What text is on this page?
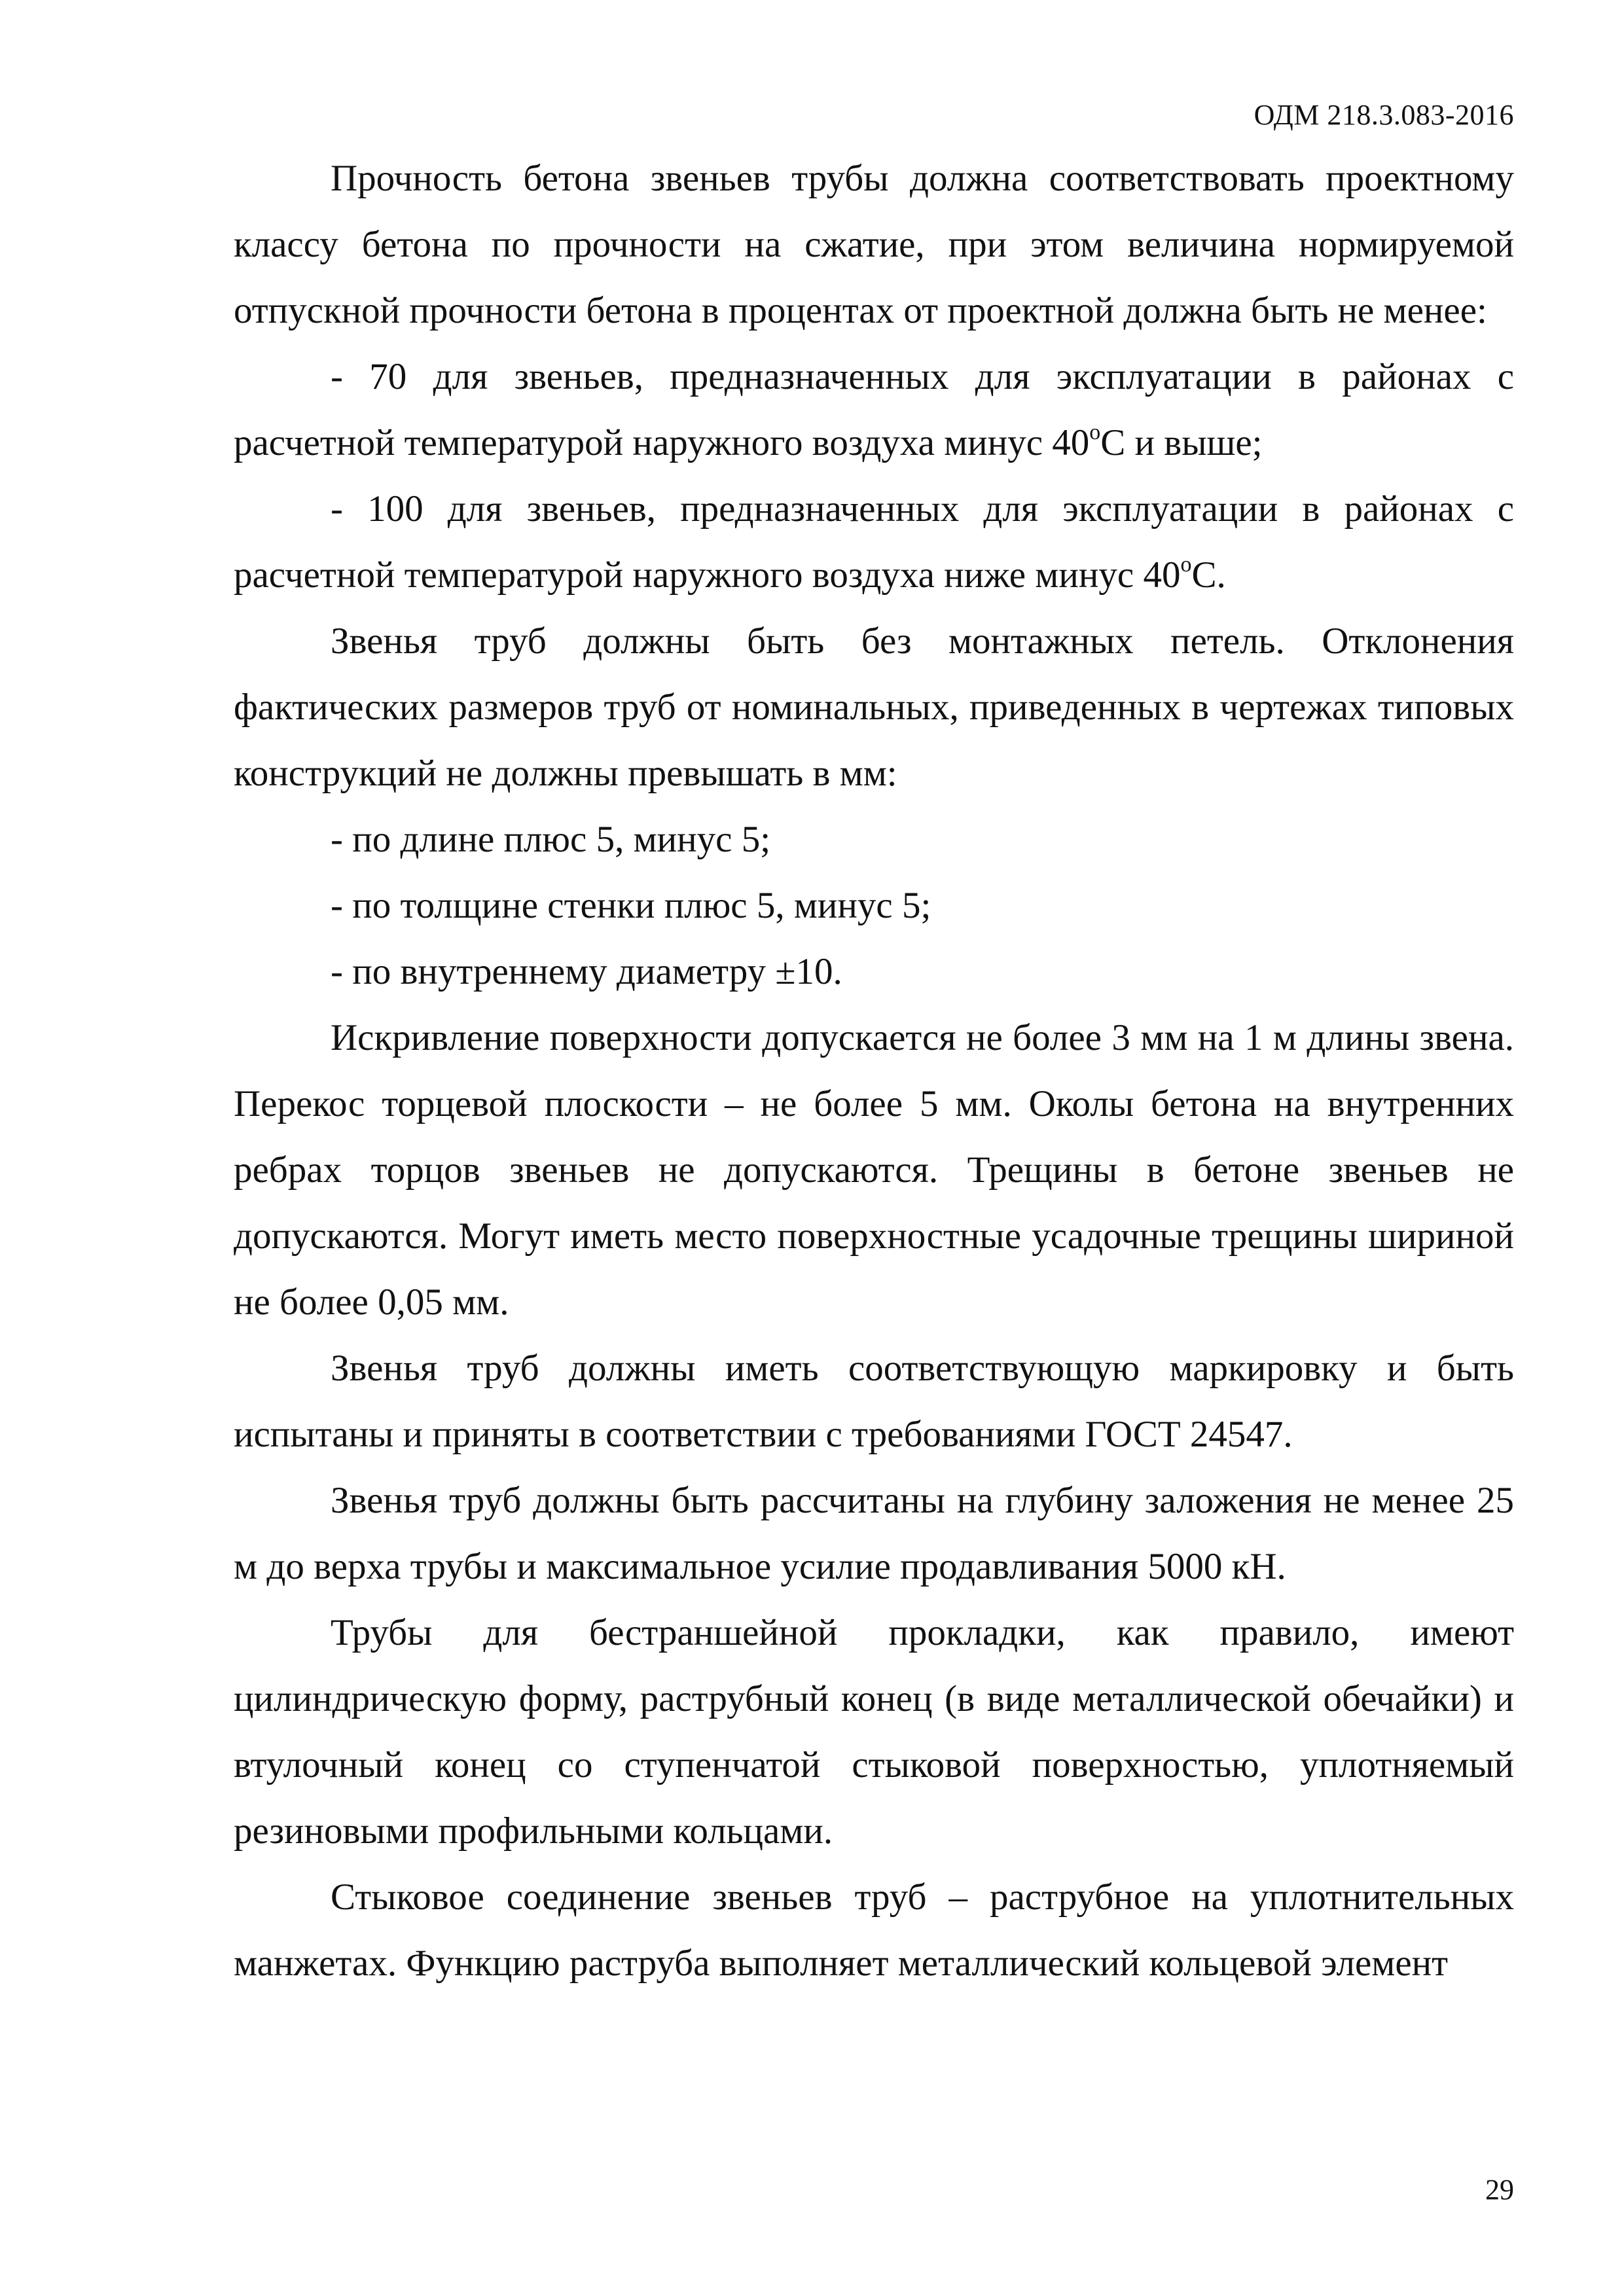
ОДМ 218.3.083-2016

Прочность бетона звеньев трубы должна соответствовать проектному классу бетона по прочности на сжатие, при этом величина нормируемой отпускной прочности бетона в процентах от проектной должна быть не менее:

- 70 для звеньев, предназначенных для эксплуатации в районах с расчетной температурой наружного воздуха минус $40^оС$ и выше;

- 100 для звеньев, предназначенных для эксплуатации в районах с расчетной температурой наружного воздуха ниже минус $40^оС$.

Звенья труб должны быть без монтажных петель. Отклонения фактических размеров труб от номинальных, приведенных в чертежах типовых конструкций не должны превышать в мм:

- по длине плюс 5, минус 5;

- по толщине стенки плюс 5, минус 5;

- по внутреннему диаметру ±10.

Искривление поверхности допускается не более 3 мм на 1 м длины звена. Перекос торцевой плоскости – не более 5 мм. Околы бетона на внутренних ребрах торцов звеньев не допускаются. Трещины в бетоне звеньев не допускаются. Могут иметь место поверхностные усадочные трещины шириной не более 0,05 мм.

Звенья труб должны иметь соответствующую маркировку и быть испытаны и приняты в соответствии с требованиями ГОСТ 24547.

Звенья труб должны быть рассчитаны на глубину заложения не менее 25 м до верха трубы и максимальное усилие продавливания 5000 кН.

Трубы для бестраншейной прокладки, как правило, имеют цилиндрическую форму, раструбный конец (в виде металлической обечайки) и втулочный конец со ступенчатой стыковой поверхностью, уплотняемый резиновыми профильными кольцами.

Стыковое соединение звеньев труб – раструбное на уплотнительных манжетах. Функцию раструба выполняет металлический кольцевой элемент

29
